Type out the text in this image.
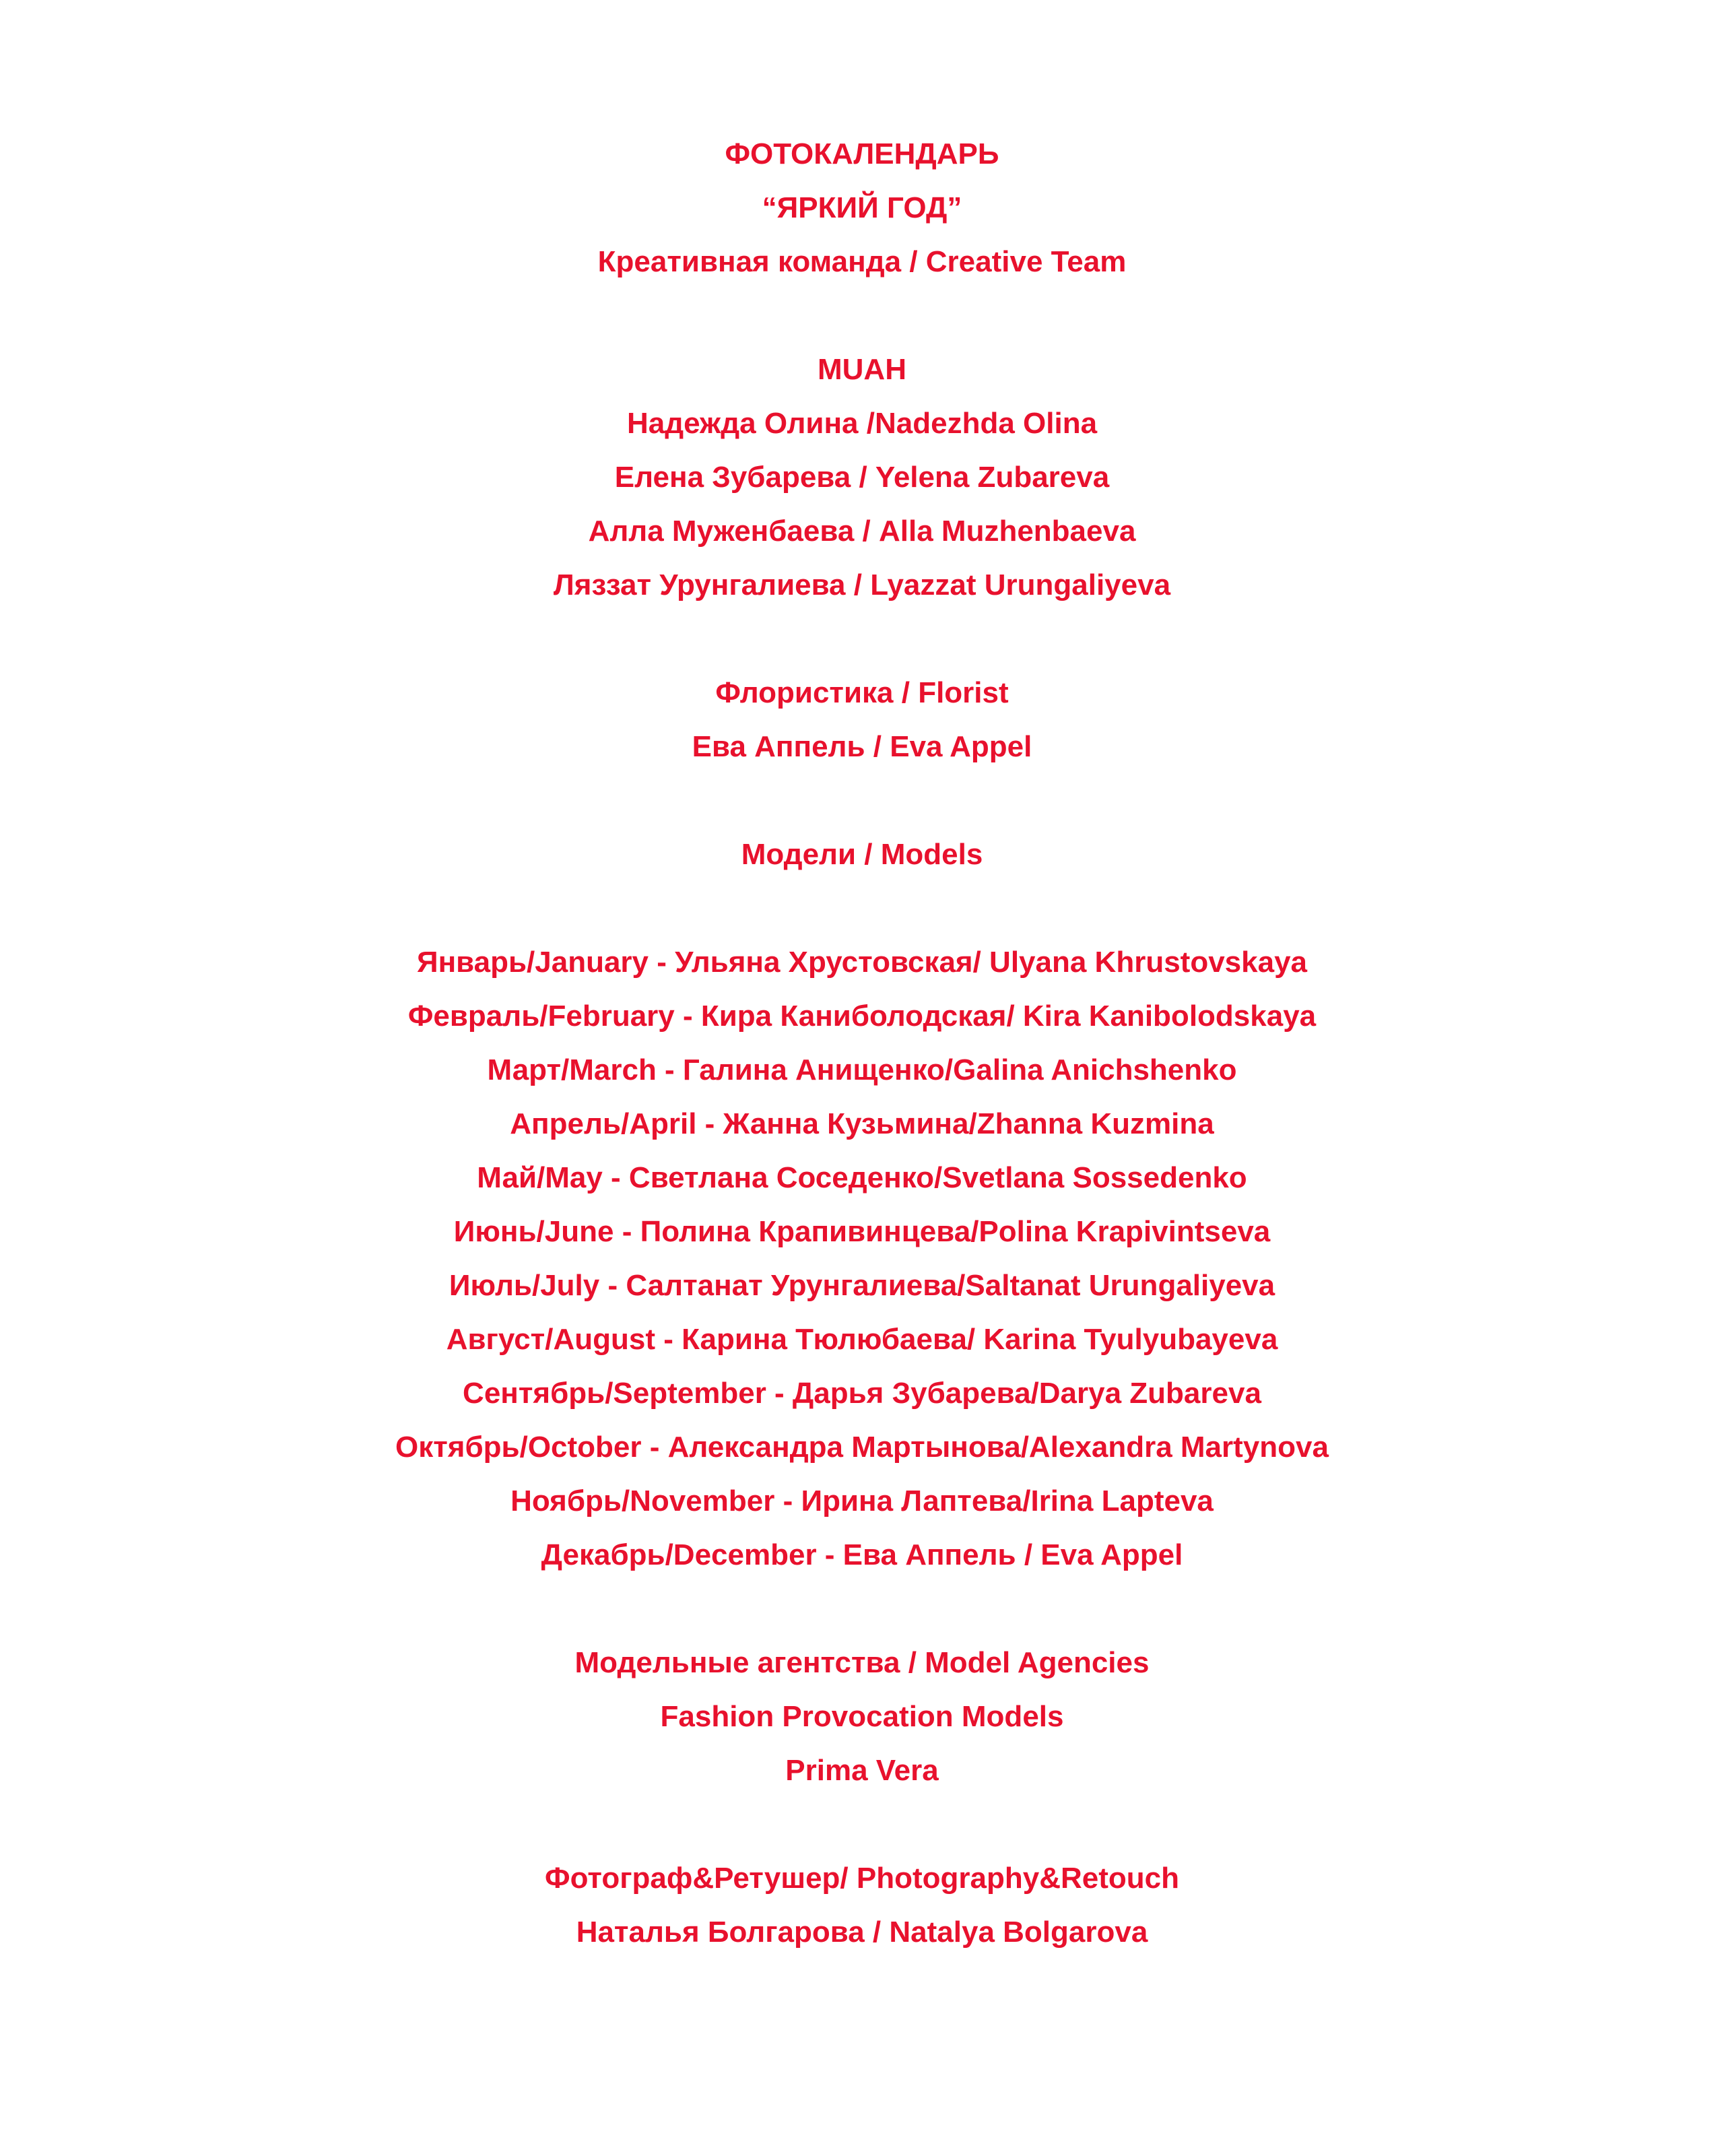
ФОТОКАЛЕНДАРЬ
“ЯРКИЙ ГОД”
Креативная команда / Creative Team
MUAH
Надежда Олина /Nadezhda Olina
Елена Зубарева / Yelena Zubareva
Алла Муженбаева / Alla Muzhenbaeva
Ляззат Урунгалиева / Lyazzat Urungaliyeva
Флористика / Florist
Ева Аппель / Eva Appel
Модели / Models
Январь/January - Ульяна Хрустовская/ Ulyana Khrustovskaya
Февраль/February - Кира Каниболодская/ Kira Kanibolodskaya
Март/March - Галина Анищенко/Galina Anichshenko
Апрель/April - Жанна Кузьмина/Zhanna Kuzmina
Май/May - Светлана Соседенко/Svetlana Sossedenko
Июнь/June - Полина Крапивинцева/Polina Krapivintseva
Июль/July - Салтанат Урунгалиева/Saltanat Urungaliyeva
Август/August - Карина Тюлюбаева/ Karina Tyulyubayeva
Сентябрь/September - Дарья Зубарева/Darya Zubareva
Октябрь/October - Александра Мартынова/Alexandra Martynova
Ноябрь/November - Ирина Лаптева/Irina Lapteva
Декабрь/December - Ева Аппель / Eva Appel
Модельные агентства / Model Agencies
Fashion Provocation Models
Prima Vera
Фотограф&Ретушер/ Photography&Retouch
Наталья Болгарова / Natalya Bolgarova
